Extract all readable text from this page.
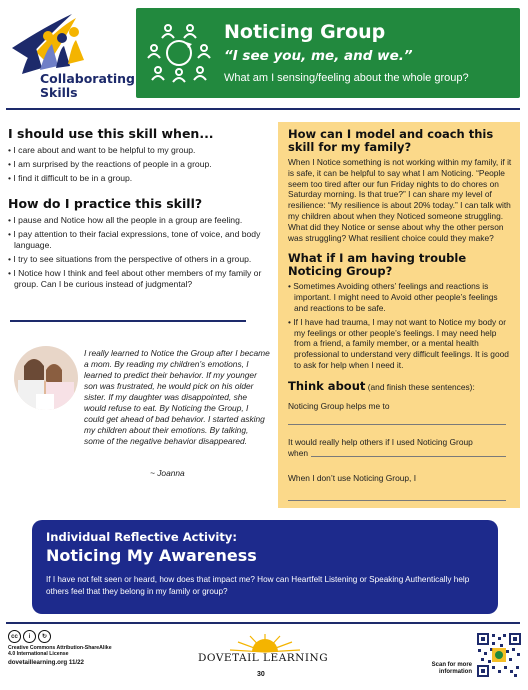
Collaborating
Skills
Noticing Group
“I see you, me, and we.”
What am I sensing/feeling about the whole group?
I should use this skill when...
• I care about and want to be helpful to my group.
• I am surprised by the reactions of people in a group.
• I find it difficult to be in a group.
How do I practice this skill?
• I pause and Notice how all the people in a group are feeling.
• I pay attention to their facial expressions, tone of voice, and body language.
• I try to see situations from the perspective of others in a group.
• I Notice how I think and feel about other members of my family or group. Can I be curious instead of judgmental?
I really learned to Notice the Group after I became a mom. By reading my children’s emotions, I learned to predict their behavior. If my younger son was frustrated, he would pick on his older sister. If my daughter was disappointed, she would refuse to eat. By Noticing the Group, I could get ahead of bad behavior. I started asking my children about their emotions. By talking, some of the negative behavior disappeared.
~ Joanna
How can I model and coach this skill for my family?

When I Notice something is not working within my family, if it is safe, it can be helpful to say what I am Noticing. “People seem too tired after our fun Friday nights to do chores on Saturday morning. Is that true?” I can share my level of resilience: “My resilience is about 20% today.” I can talk with my children about when they Noticed someone struggling. What did they Notice or sense about why the other person was struggling? What resilient choice could they make?

What if I am having trouble Noticing Group?
• Sometimes Avoiding others’ feelings and reactions is important. I might need to Avoid other people’s feelings and reactions to be safe.
• If I have had trauma, I may not want to Notice my body or my feelings or other people’s feelings. I may need help from a friend, a family member, or a mental health professional to understand very difficult feelings. It is good to ask for help when I need it.
Think about (and finish these sentences):
Noticing Group helps me to
It would really help others if I used Noticing Group
when
When I don’t use Noticing Group, I
Individual Reflective Activity:
Noticing My Awareness
If I have not felt seen or heard, how does that impact me? How can Heartfelt Listening or Speaking Authentically help others feel that they belong in my family or group?
cc	i	↻
Creative Commons Attribution-ShareAlike
4.0 International License
dovetaillearning.org 11/22	DOVETAIL LEARNING
30
Scan for more
information
